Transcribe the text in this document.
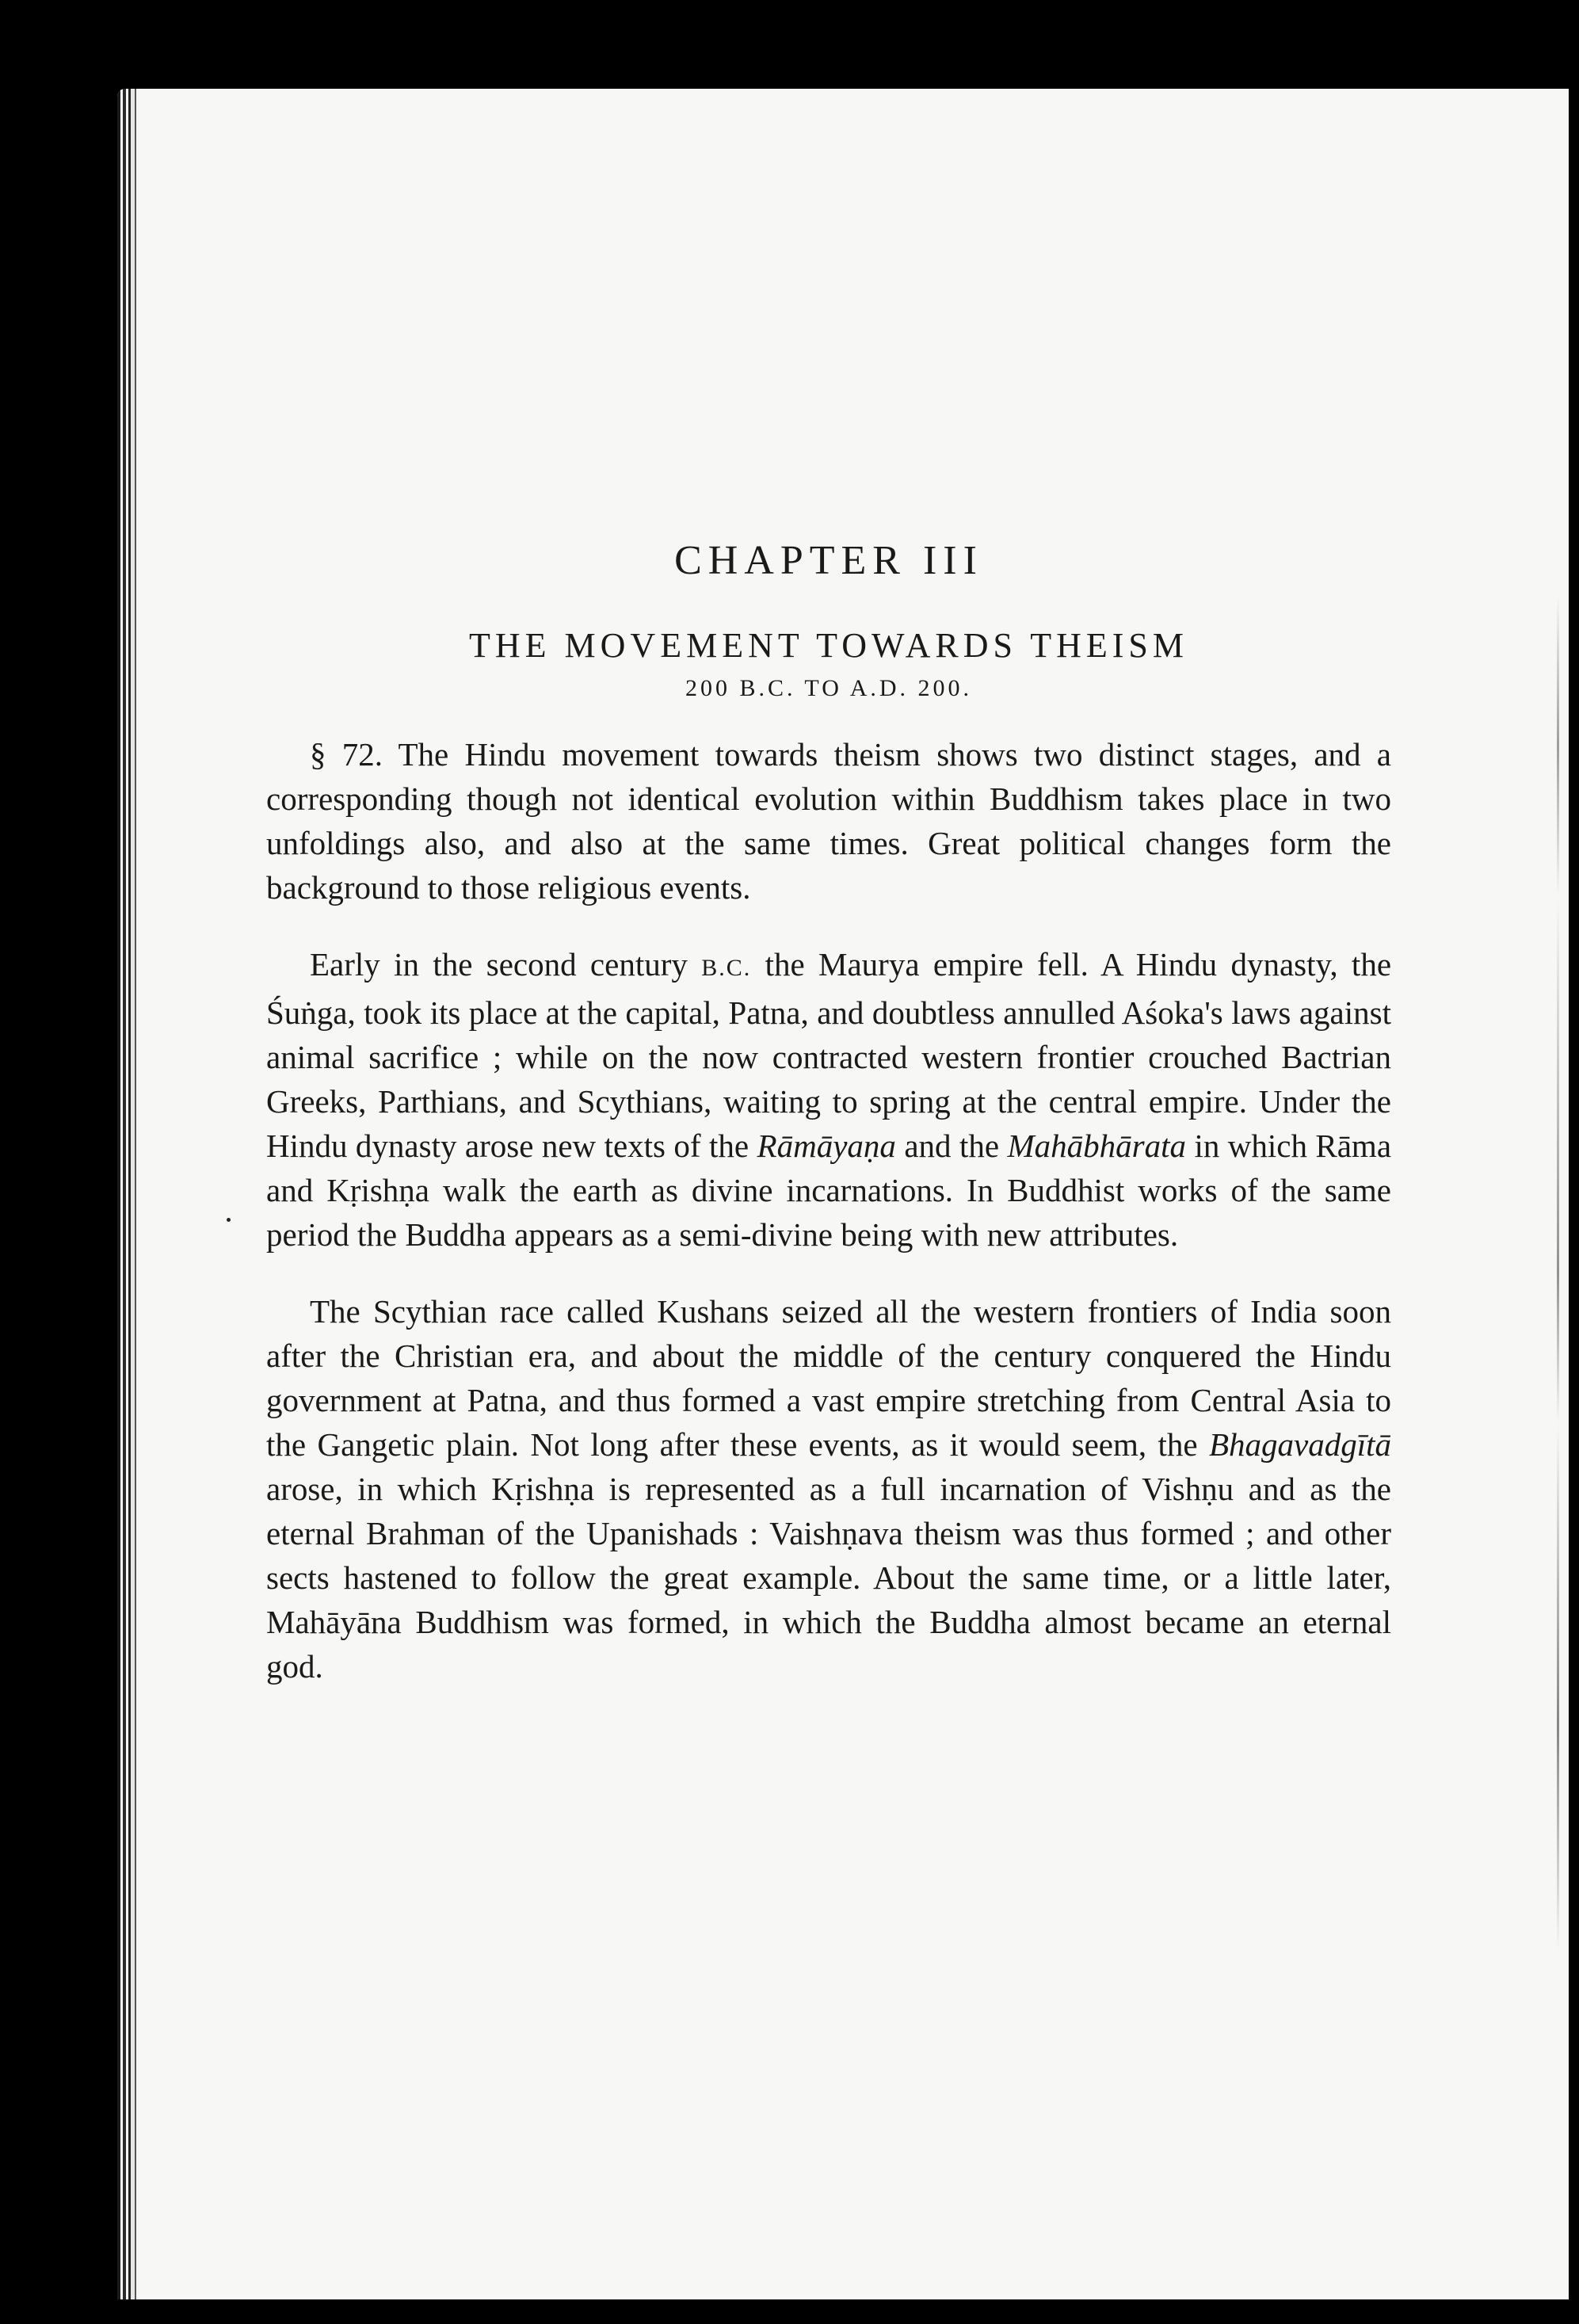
CHAPTER III
THE MOVEMENT TOWARDS THEISM
200 B.C. TO A.D. 200.

§ 72. The Hindu movement towards theism shows two distinct stages, and a corresponding though not identical evolution within Buddhism takes place in two unfoldings also, and also at the same times. Great political changes form the background to those religious events.

Early in the second century B.C. the Maurya empire fell. A Hindu dynasty, the Śuṅga, took its place at the capital, Patna, and doubtless annulled Aśoka's laws against animal sacrifice ; while on the now contracted western frontier crouched Bactrian Greeks, Parthians, and Scythians, waiting to spring at the central empire. Under the Hindu dynasty arose new texts of the Rāmāyaṇa and the Mahābhārata in which Rāma and Kṛishṇa walk the earth as divine incarnations. In Buddhist works of the same period the Buddha appears as a semi-divine being with new attributes.

The Scythian race called Kushans seized all the western frontiers of India soon after the Christian era, and about the middle of the century conquered the Hindu government at Patna, and thus formed a vast empire stretching from Central Asia to the Gangetic plain. Not long after these events, as it would seem, the Bhagavadgītā arose, in which Kṛishṇa is represented as a full incarnation of Vishṇu and as the eternal Brahman of the Upanishads : Vaishṇava theism was thus formed ; and other sects hastened to follow the great example. About the same time, or a little later, Mahāyāna Buddhism was formed, in which the Buddha almost became an eternal god.
